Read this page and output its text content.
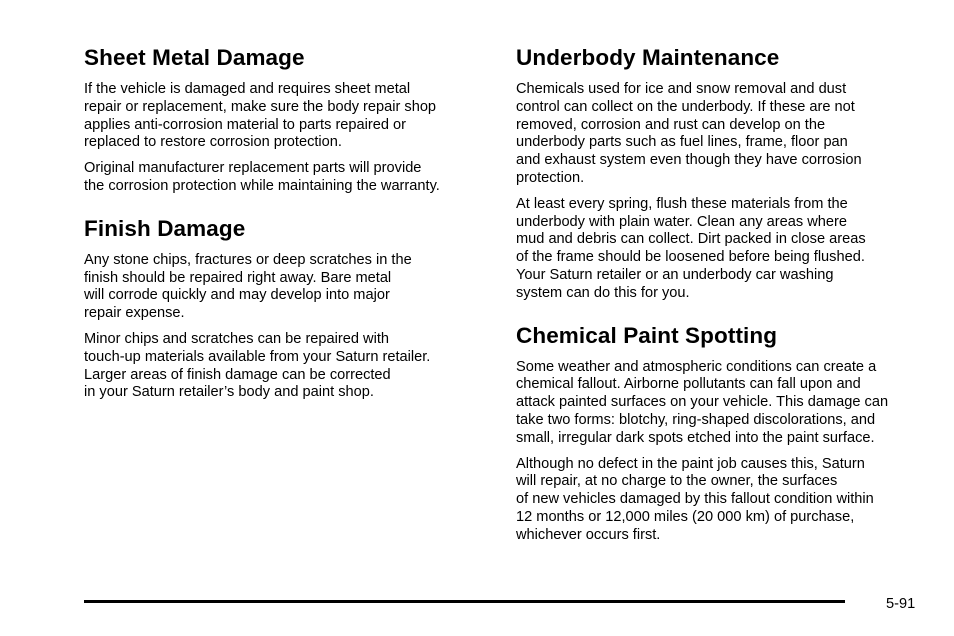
Sheet Metal Damage

If the vehicle is damaged and requires sheet metal
repair or replacement, make sure the body repair shop
applies anti-corrosion material to parts repaired or
replaced to restore corrosion protection.

Original manufacturer replacement parts will provide
the corrosion protection while maintaining the warranty.

Finish Damage

Any stone chips, fractures or deep scratches in the
finish should be repaired right away. Bare metal
will corrode quickly and may develop into major
repair expense.

Minor chips and scratches can be repaired with
touch-up materials available from your Saturn retailer.
Larger areas of finish damage can be corrected
in your Saturn retailer’s body and paint shop.

Underbody Maintenance

Chemicals used for ice and snow removal and dust
control can collect on the underbody. If these are not
removed, corrosion and rust can develop on the
underbody parts such as fuel lines, frame, floor pan
and exhaust system even though they have corrosion
protection.

At least every spring, flush these materials from the
underbody with plain water. Clean any areas where
mud and debris can collect. Dirt packed in close areas
of the frame should be loosened before being flushed.
Your Saturn retailer or an underbody car washing
system can do this for you.

Chemical Paint Spotting

Some weather and atmospheric conditions can create a
chemical fallout. Airborne pollutants can fall upon and
attack painted surfaces on your vehicle. This damage can
take two forms: blotchy, ring-shaped discolorations, and
small, irregular dark spots etched into the paint surface.

Although no defect in the paint job causes this, Saturn
will repair, at no charge to the owner, the surfaces
of new vehicles damaged by this fallout condition within
12 months or 12,000 miles (20 000 km) of purchase,
whichever occurs first.

5-91
